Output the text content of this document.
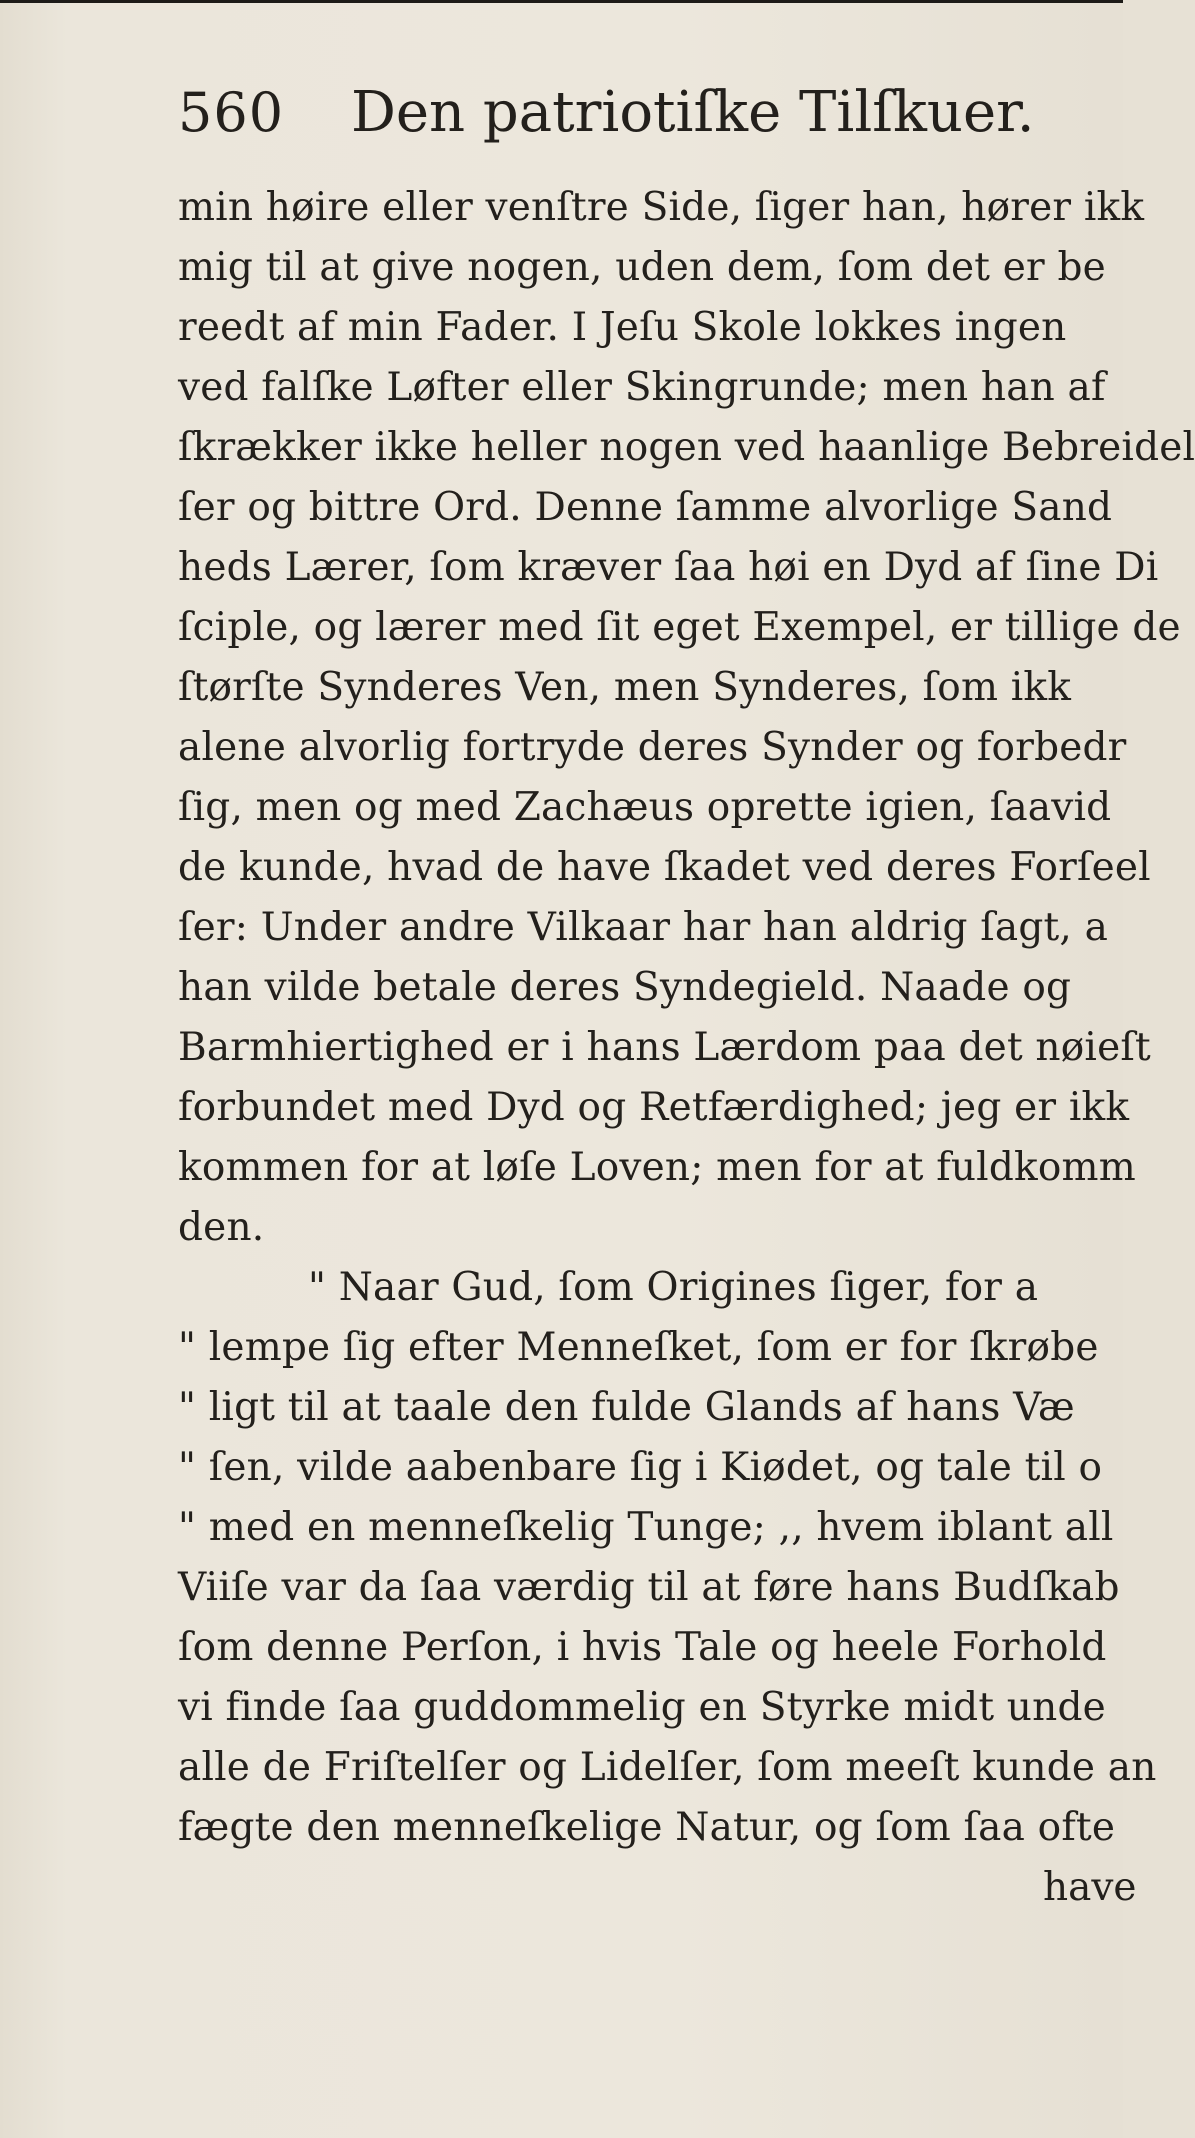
560 Den patriotiſke Tilſkuer.
min høire eller venſtre Side, ſiger han, hører ikk
mig til at give nogen, uden dem, ſom det er be
reedt af min Fader. I Jeſu Skole lokkes ingen
ved falſke Løfter eller Skingrunde; men han af
ſkrækker ikke heller nogen ved haanlige Bebreidel
ſer og bittre Ord. Denne ſamme alvorlige Sand
heds Lærer, ſom kræver ſaa høi en Dyd af ſine Di
ſciple, og lærer med ſit eget Exempel, er tillige de
ſtørſte Synderes Ven, men Synderes, ſom ikk
alene alvorlig fortryde deres Synder og forbedr
ſig, men og med Zachæus oprette igien, ſaavid
de kunde, hvad de have ſkadet ved deres Forſeel
ſer: Under andre Vilkaar har han aldrig ſagt, a
han vilde betale deres Syndegield. Naade og
Barmhiertighed er i hans Lærdom paa det nøieſt
forbundet med Dyd og Retfærdighed; jeg er ikk
kommen for at løſe Loven; men for at fuldkomm
den.
" Naar Gud, ſom Origines ſiger, for a
" lempe ſig efter Menneſket, ſom er for ſkrøbe
" ligt til at taale den fulde Glands af hans Væ
" ſen, vilde aabenbare ſig i Kiødet, og tale til o
" med en menneſkelig Tunge; ,, hvem iblant all
Viiſe var da ſaa værdig til at føre hans Budſkab
ſom denne Perſon, i hvis Tale og heele Forhold
vi finde ſaa guddommelig en Styrke midt unde
alle de Friſtelſer og Lidelſer, ſom meeſt kunde an
fægte den menneſkelige Natur, og ſom ſaa ofte
have
